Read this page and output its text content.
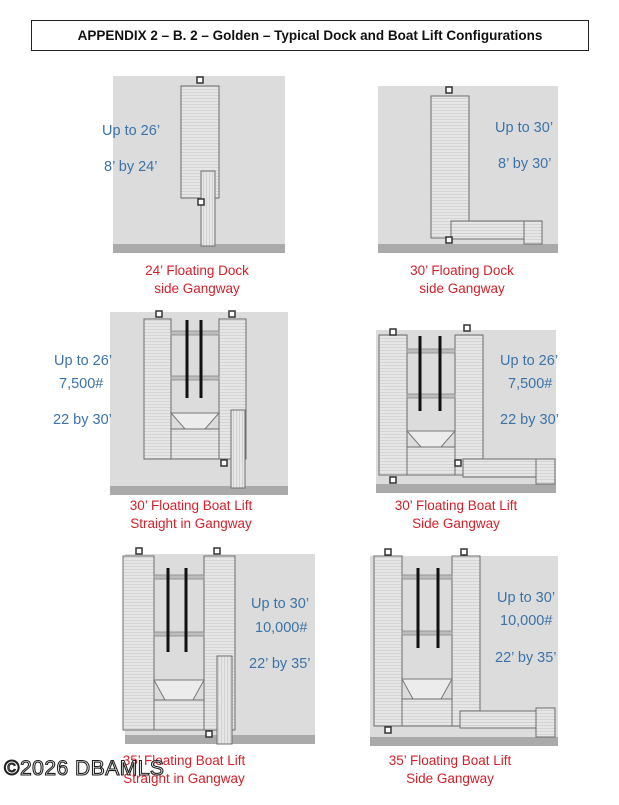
APPENDIX 2 – B. 2 – Golden – Typical Dock and Boat Lift Configurations
Up to 26’
8’ by 24’
24’ Floating Dock
side Gangway
Up to 30’
8’ by 30’
30’ Floating Dock
side Gangway
Up to 26’
7,500#
22 by 30’
30’ Floating Boat Lift
Straight in Gangway
Up to 26’
7,500#
22 by 30’
30’ Floating Boat Lift
Side Gangway
Up to 30’
10,000#
22’ by 35’
35’ Floating Boat Lift
Straight in Gangway
Up to 30’
10,000#
22’ by 35’
35’ Floating Boat Lift
Side Gangway
©2026 DBAMLS
